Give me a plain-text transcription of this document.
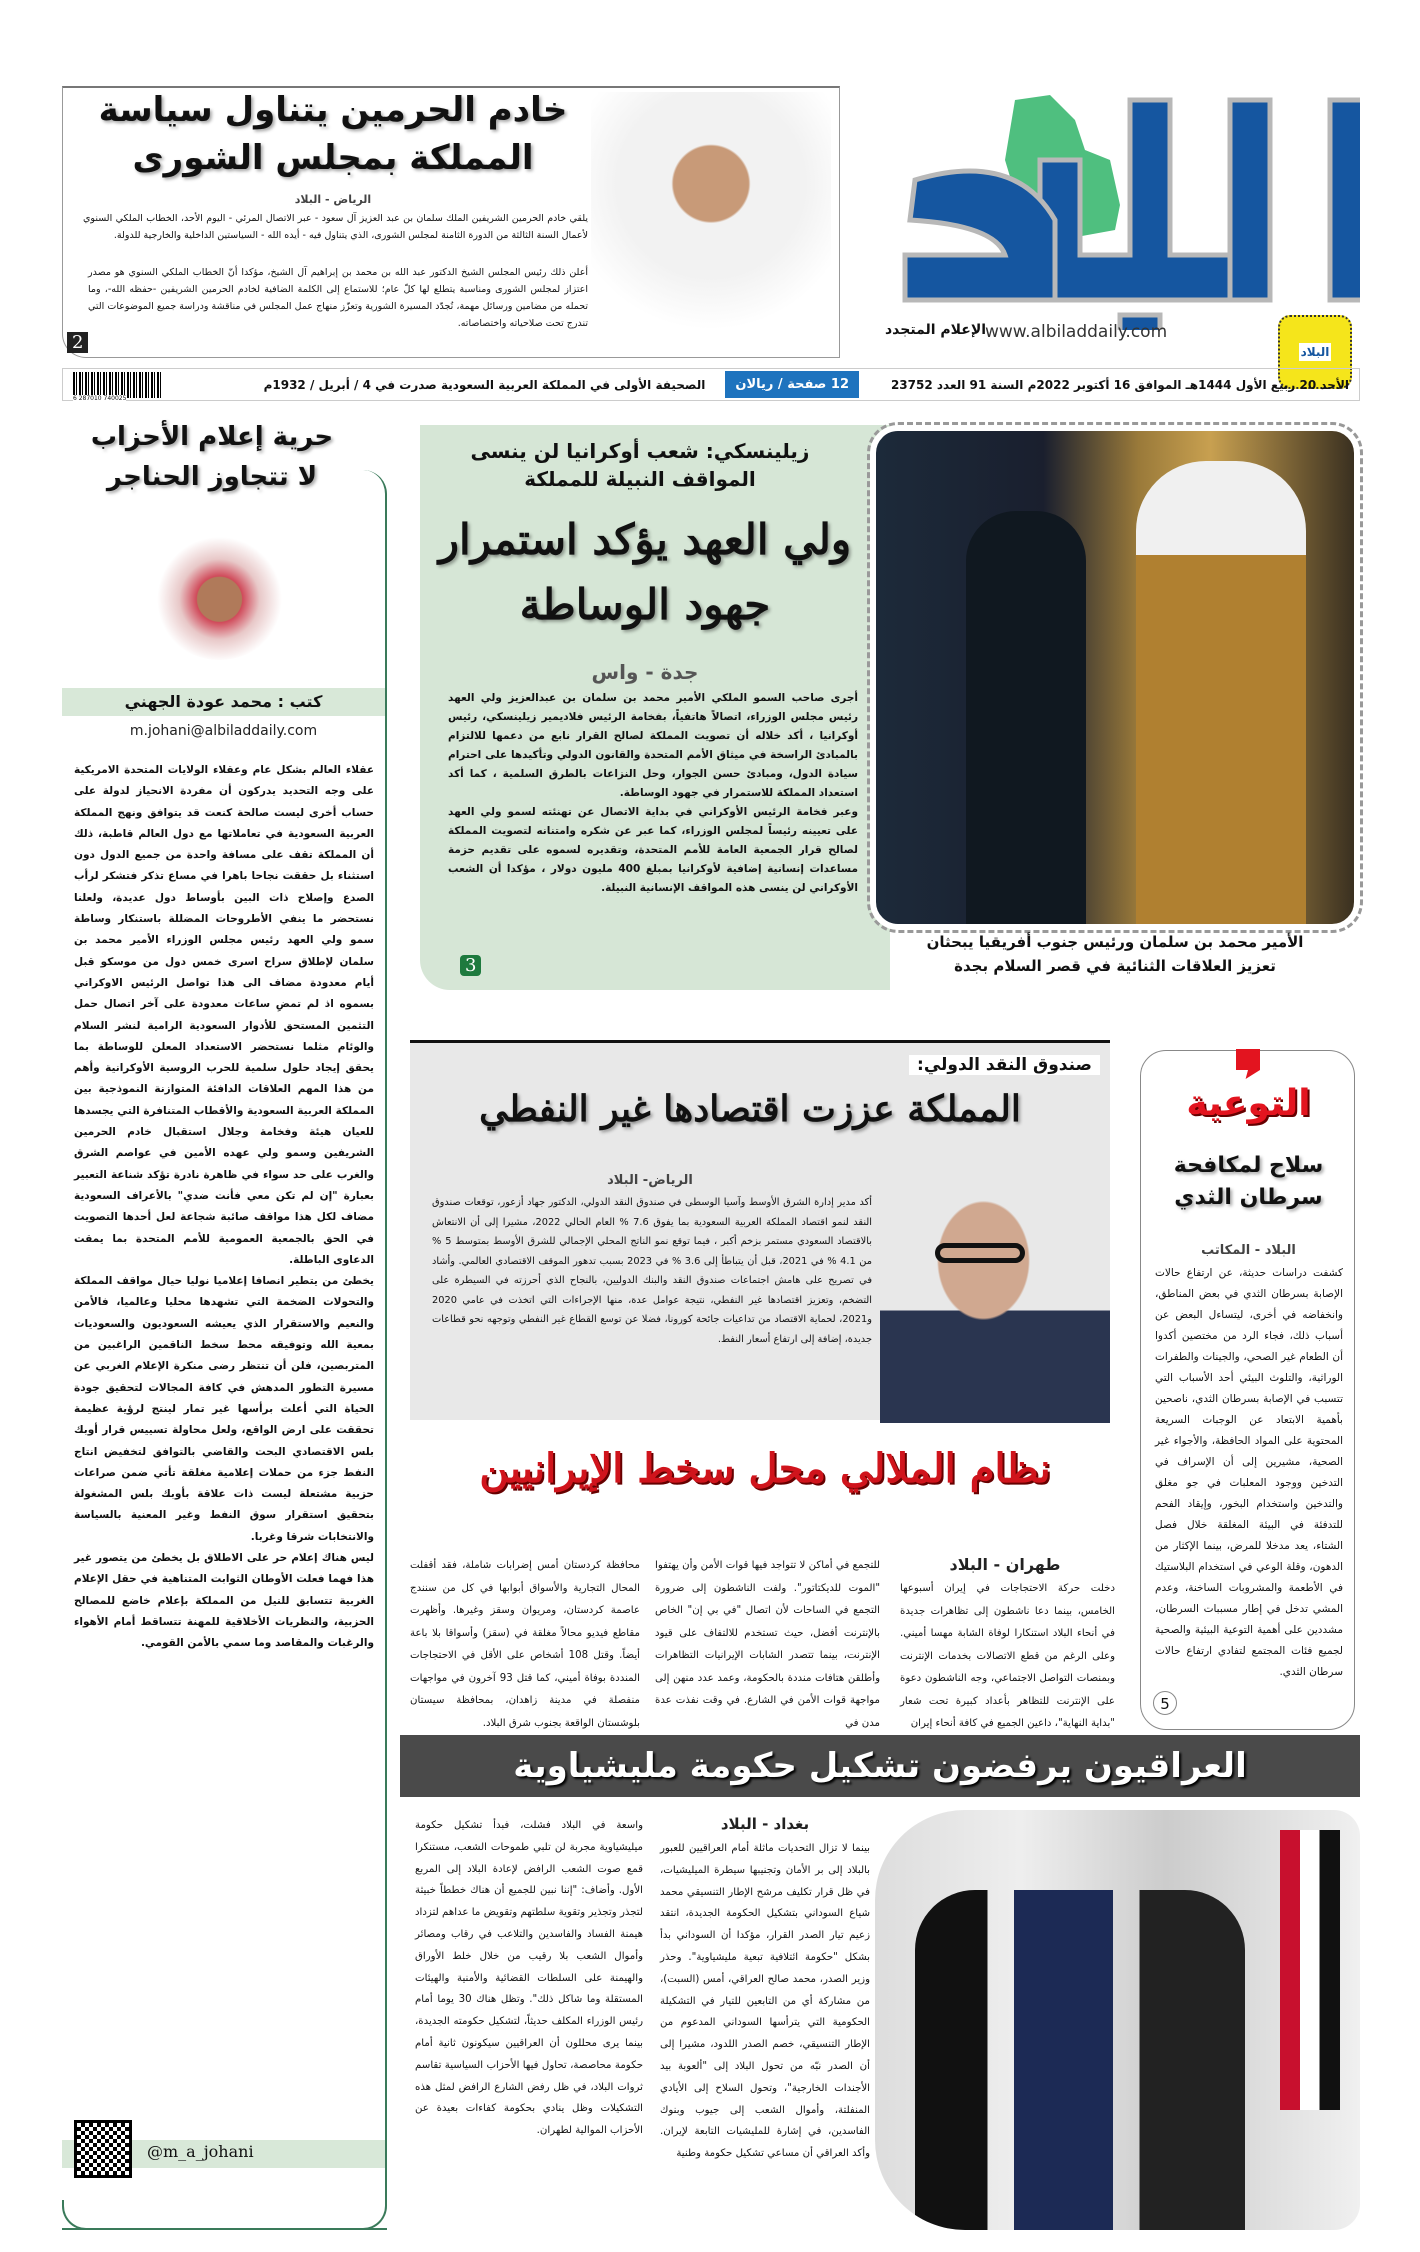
www.albiladdaily.com
الإعلام المتجدد
البلاد
خادم الحرمين يتناول سياسة
المملكة بمجلس الشورى
الرياض - البلاد
يلقي خادم الحرمين الشريفين الملك سلمان بن عبد العزيز آل سعود - عبر الاتصال المرئي - اليوم الأحد، الخطاب الملكي السنوي لأعمال السنة الثالثة من الدورة الثامنة لمجلس الشورى، الذي يتناول فيه - أيده الله - السياستين الداخلية والخارجية للدولة.
أعلن ذلك رئيس المجلس الشيخ الدكتور عبد الله بن محمد بن إبراهيم آل الشيخ، مؤكدا أنّ الخطاب الملكي السنوي هو مصدر اعتزاز لمجلس الشورى ومناسبة يتطلع لها كلّ عام؛ للاستماع إلى الكلمة الضافية لخادم الحرمين الشريفين -حفظه الله-، وما تحمله من مضامين ورسائل مهمة، تُجدّد المسيرة الشورية وتعزّز منهاج عمل المجلس في مناقشة ودراسة جميع الموضوعات التي تندرج تحت صلاحياته واختصاصاته.
2
الأحد 20 ربيع الأول 1444هـ الموافق 16 أكتوبر 2022م السنة 91 العدد 23752
12 صفحة / ريالان
الصحيفة الأولى في المملكة العربية السعودية صدرت في 4 / أبريل / 1932م
6 287010 740025
حرية إعلام الأحزاب
لا تتجاوز الحناجر
كتب : محمد عودة الجهني
m.johani@albiladdaily.com

عقلاء العالم بشكل عام وعقلاء الولايات المتحدة الامريكية على وجه التحديد يدركون أن مفردة الانحياز لدولة على حساب أخرى ليست صالحة كنعت قد يتوافق ونهج المملكة العربية السعودية في تعاملاتها مع دول العالم قاطبة، ذلك أن المملكة تقف على مسافة واحدة من جميع الدول دون استثناء بل حققت نجاحا باهرا في مساع تذكر فتشكر لرأب الصدع وإصلاح ذات البين بأوساط دول عديدة، ولعلنا نستحضر ما ينفي الأطروحات المضللة باستنكار وساطة سمو ولي العهد رئيس مجلس الوزراء الأمير محمد بن سلمان لإطلاق سراح اسرى خمس دول من موسكو قبل أيام معدودة مضاف الى هذا تواصل الرئيس الاوكراني بسموه اذ لم تمضِ ساعات معدودة على آخر اتصال حمل التثمين المستحق للأدوار السعودية الرامية لنشر السلام والوئام مثلما نستحضر الاستعداد المعلن للوساطة بما يحقق إيجاد حلول سلمية للحرب الروسية الأوكرانية وأهم من هذا المهم العلاقات الدافئة المتوازنة النموذجية بين المملكة العربية السعودية والأقطاب المتنافرة التي يجسدها للعيان هيئة وفخامة وجلال استقبال خادم الحرمين الشريفين وسمو ولي عهده الأمين في عواصم الشرق والغرب على حد سواء في ظاهرة نادرة تؤكد شناعة التعبير بعبارة "إن لم تكن معي فأنت ضدي" بالأعراف السعودية مضاف لكل هذا مواقف صائبة شجاعة لعل أحدها التصويت في الحق بالجمعية العمومية للأمم المتحدة بما يمقت الدعاوى الباطلة.

يخطئ من يتطير انصافا إعلاميا نوليا حيال مواقف المملكة والتحولات الضخمة التي تشهدها محليا وعالميا، فالأمن والنعيم والاستقرار الذي يعيشه السعوديون والسعوديات بمعية الله وتوفيقه محط سخط الناقمين الراغبين من المتربصين، فلن أن تنتظر رضى منكرة الإعلام الغربي عن مسيرة التطور المدهش في كافة المجالات لتحقيق جودة الحياة التي أعلت برأسها غير تمار لينتج لرؤية عظيمة تحققت على ارض الواقع، ولعل محاولة تسييس قرار أوبك بلس الاقتصادي البحت والقاضي بالتوافق لتخفيض انتاج النفط جزء من حملات إعلامية مغلقة تأتي ضمن صراعات حزبية مشتعلة ليست ذات علاقة بأوبك بلس المشغولة بتحقيق استقرار سوق النفط وغير المعنية بالسياسة والانتخابات شرقا وغربا.

ليس هناك إعلام حر على الاطلاق بل يخطئ من يتصور غير هذا فهما فعلت الأوطان الثوابت المتناهية في حقل الإعلام الغربية تتسابق للنيل من المملكة بإعلام خاضع للمصالح الحزبية، والنظريات الأخلاقية للمهنة تتساقط أمام الأهواء والرغبات والمقاصد وما سمي بالأمن القومي.

@m_a_johani
الأمير محمد بن سلمان ورئيس جنوب أفريقيا يبحثان
تعزيز العلاقات الثنائية في قصر السلام بجدة
زيلينسكي: شعب أوكرانيا لن ينسى
المواقف النبيلة للمملكة
ولي العهد يؤكد استمرار
جهود الوساطة
جدة - واس

أجرى صاحب السمو الملكي الأمير محمد بن سلمان بن عبدالعزيز ولي العهد رئيس مجلس الوزراء، اتصالاً هاتفياً، بفخامة الرئيس فلاديمير زيلينسكي، رئيس أوكرانيا ، أكد خلاله أن تصويت المملكة لصالح القرار نابع من دعمها للالتزام بالمبادئ الراسخة في ميثاق الأمم المتحدة والقانون الدولي وتأكيدها على احترام سيادة الدول، ومبادئ حسن الجوار، وحل النزاعات بالطرق السلمية ، كما أكد استعداد المملكة للاستمرار في جهود الوساطة.

وعبر فخامة الرئيس الأوكراني في بداية الاتصال عن تهنئته لسمو ولي العهد على تعيينه رئيساً لمجلس الوزراء، كما عبر عن شكره وامتنانه لتصويت المملكة لصالح قرار الجمعية العامة للأمم المتحدة، وتقديره لسموه على تقديم حزمة مساعدات إنسانية إضافية لأوكرانيا بمبلغ 400 مليون دولار ، مؤكدا أن الشعب الأوكراني لن ينسى هذه المواقف الإنسانية النبيلة.

3
صندوق النقد الدولي:
المملكة عززت اقتصادها غير النفطي
الرياض- البلاد
أكد مدير إدارة الشرق الأوسط وآسيا الوسطى في صندوق النقد الدولي، الدكتور جهاد أزعور، توقعات صندوق النقد لنمو اقتصاد المملكة العربية السعودية بما يفوق 7.6 % العام الحالي 2022، مشيرا إلى أن الانتعاش بالاقتصاد السعودي مستمر بزخم أكبر ، فيما توقع نمو الناتج المحلي الإجمالي للشرق الأوسط بمتوسط 5 % من 4.1 % في 2021، قبل أن يتباطأ إلى 3.6 % في 2023 بسبب تدهور الموقف الاقتصادي العالمي. وأشاد في تصريح على هامش اجتماعات صندوق النقد والبنك الدوليين، بالنجاح الذي أحرزته في السيطرة على التضخم، وتعزيز اقتصادها غير النفطي، نتيجة عوامل عدة، منها الإجراءات التي اتخذت في عامي 2020 و2021، لحماية الاقتصاد من تداعيات جائحة كورونا، فضلا عن توسع القطاع غير النفطي وتوجهه نحو قطاعات جديدة، إضافة إلى ارتفاع أسعار النفط.
التوعية
سلاح لمكافحة
سرطان الثدي
البلاد - المكاتب
كشفت دراسات حديثة، عن ارتفاع حالات الإصابة بسرطان الثدي في بعض المناطق، وانخفاضه في أخرى، ليتساءل البعض عن أسباب ذلك، فجاء الرد من مختصين أكدوا أن الطعام غير الصحي، والجينات والطفرات الوراثية، والتلوث البيئي أحد الأسباب التي تتسبب في الإصابة بسرطان الثدي، ناصحين بأهمية الابتعاد عن الوجبات السريعة المحتوية على المواد الحافظة، والأجواء غير الصحية، مشيرين إلى أن الإسراف في التدخين ووجود المعلبات في جو مغلق والتدخين واستخدام البخور، وإيقاد الفحم للتدفئة في البيئة المغلقة خلال فصل الشتاء، يعد مدخلا للمرض، بينما الإكثار من الدهون، وقلة الوعي في استخدام البلاستيك في الأطعمة والمشروبات الساخنة، وعدم المشي تدخل في إطار مسببات السرطان، مشددين على أهمية التوعية البيئية والصحية لجميع فئات المجتمع لتفادي ارتفاع حالات سرطان الثدي.
5
نظام الملالي محل سخط الإيرانيين
طهران - البلاد
دخلت حركة الاحتجاجات في إيران أسبوعها الخامس، بينما دعا ناشطون إلى تظاهرات جديدة في أنحاء البلاد استنكارا لوفاة الشابة مهسا أميني. وعلى الرغم من قطع الاتصالات بخدمات الإنترنت وبمنصات التواصل الاجتماعي، وجه الناشطون دعوة على الإنترنت للتظاهر بأعداد كبيرة تحت شعار "بداية النهاية"، داعين الجميع في كافة أنحاء إيران
للتجمع في أماكن لا تتواجد فيها قوات الأمن وأن يهتفوا "الموت للديكتاتور". ولفت الناشطون إلى ضرورة التجمع في الساحات لأن اتصال "في بي إن" الخاص بالإنترنت أفضل، حيث تستخدم للالتفاف على قيود الإنترنت، بينما تتصدر الشابات الإيرانيات التظاهرات وأطلقن هتافات منددة بالحكومة، وعمد عدد منهن إلى مواجهة قوات الأمن في الشارع. في وقت نفذت عدة مدن في
محافظة كردستان أمس إضرابات شاملة، فقد أقفلت المحال التجارية والأسواق أبوابها في كل من سنندج عاصمة كردستان، ومريوان وسقز وغيرها. وأظهرت مقاطع فيديو محالاً مغلقة في (سقز) وأسواقا بلا باعة أيضاً. وقتل 108 أشخاص على الأقل في الاحتجاجات المنددة بوفاة أميني، كما قتل 93 آخرون في مواجهات منفصلة في مدينة زاهدان، بمحافظة سيستان بلوشستان الواقعة بجنوب شرق البلاد.
العراقيون يرفضون تشكيل حكومة مليشياوية
بغداد - البلاد
بينما لا تزال التحديات ماثلة أمام العراقيين للعبور بالبلاد إلى بر الأمان وتجنيبها سيطرة الميليشيات، في ظل قرار تكليف مرشح الإطار التنسيقي محمد شياع السوداني بتشكيل الحكومة الجديدة، انتقد زعيم تيار الصدر القرار، مؤكدا أن السوداني بدأ بشكل "حكومة ائتلافية تبعية مليشياوية". وحذر وزير الصدر، محمد صالح العراقي، أمس (السبت)، من مشاركة أي من التابعين للتيار في التشكيلة الحكومية التي يترأسها السوداني المدعوم من الإطار التنسيقي، خصم الصدر اللدود، مشيرا إلى أن الصدر نبّه من تحول البلاد إلى "ألعوبة بيد الأجندات الخارجية"، وتحول السلاح إلى الأيادي المنفلتة، وأموال الشعب إلى جيوب وبنوك الفاسدين، في إشارة للمليشيات التابعة لإيران. وأكد العراقي أن مساعي تشكيل حكومة وطنية
واسعة في البلاد فشلت، فبدأ تشكيل حكومة ميليشياوية مجربة لن تلبي طموحات الشعب، مستنكرا قمع صوت الشعب الرافض لإعادة البلاد إلى المربع الأول. وأضاف: "إننا نبين للجميع أن هناك خططاً خبيثة لتجذر وتجذير وتقوية سلطتهم وتقويض ما عداهم لتزداد هيمنة الفساد والفاسدين والتلاعب في رقاب ومصائر وأموال الشعب بلا رقيب من خلال خلط الأوراق والهيمنة على السلطات القضائية والأمنية والهيئات المستقلة وما شاكل ذلك". وتظل هناك 30 يوما أمام رئيس الوزراء المكلف حديثاً، لتشكيل حكومته الجديدة، بينما يرى محللون أن العراقيين سيكونون ثانية أمام حكومة محاصصة، تحاول فيها الأحزاب السياسية تقاسم ثروات البلاد، في ظل رفض الشارع الرافض لمثل هذه التشكيلات وظل ينادي بحكومة كفاءات بعيدة عن الأحزاب الموالية لطهران.
